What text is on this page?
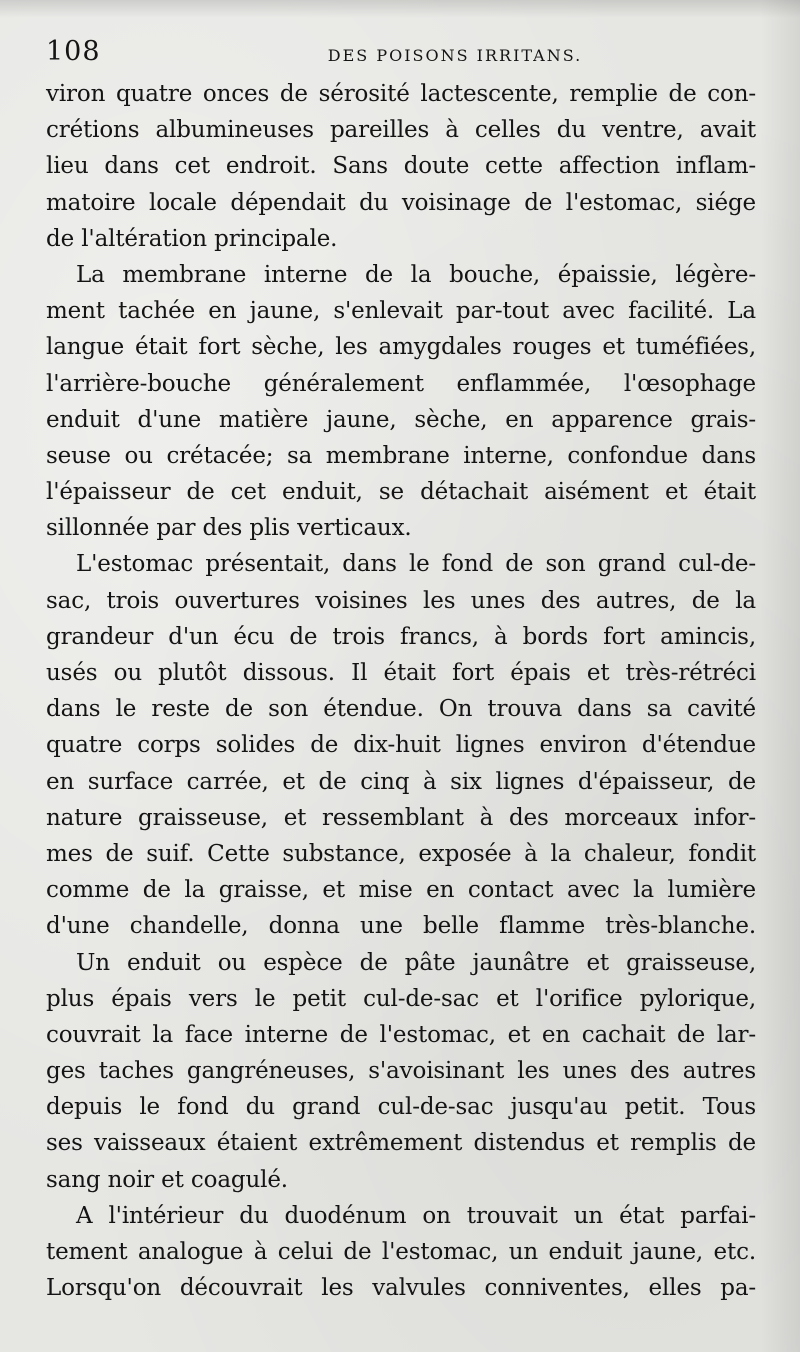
108	DES POISONS IRRITANS.
viron quatre onces de sérosité lactescente, remplie de con-
crétions albumineuses pareilles à celles du ventre, avait
lieu dans cet endroit. Sans doute cette affection inflam-
matoire locale dépendait du voisinage de l'estomac, siége
de l'altération principale.
La membrane interne de la bouche, épaissie, légère-
ment tachée en jaune, s'enlevait par-tout avec facilité. La
langue était fort sèche, les amygdales rouges et tuméfiées,
l'arrière-bouche généralement enflammée, l'œsophage
enduit d'une matière jaune, sèche, en apparence grais-
seuse ou crétacée; sa membrane interne, confondue dans
l'épaisseur de cet enduit, se détachait aisément et était
sillonnée par des plis verticaux.
L'estomac présentait, dans le fond de son grand cul-de-
sac, trois ouvertures voisines les unes des autres, de la
grandeur d'un écu de trois francs, à bords fort amincis,
usés ou plutôt dissous. Il était fort épais et très-rétréci
dans le reste de son étendue. On trouva dans sa cavité
quatre corps solides de dix-huit lignes environ d'étendue
en surface carrée, et de cinq à six lignes d'épaisseur, de
nature graisseuse, et ressemblant à des morceaux infor-
mes de suif. Cette substance, exposée à la chaleur, fondit
comme de la graisse, et mise en contact avec la lumière
d'une chandelle, donna une belle flamme très-blanche.
Un enduit ou espèce de pâte jaunâtre et graisseuse,
plus épais vers le petit cul-de-sac et l'orifice pylorique,
couvrait la face interne de l'estomac, et en cachait de lar-
ges taches gangréneuses, s'avoisinant les unes des autres
depuis le fond du grand cul-de-sac jusqu'au petit. Tous
ses vaisseaux étaient extrêmement distendus et remplis de
sang noir et coagulé.
A l'intérieur du duodénum on trouvait un état parfai-
tement analogue à celui de l'estomac, un enduit jaune, etc.
Lorsqu'on découvrait les valvules conniventes, elles pa-
